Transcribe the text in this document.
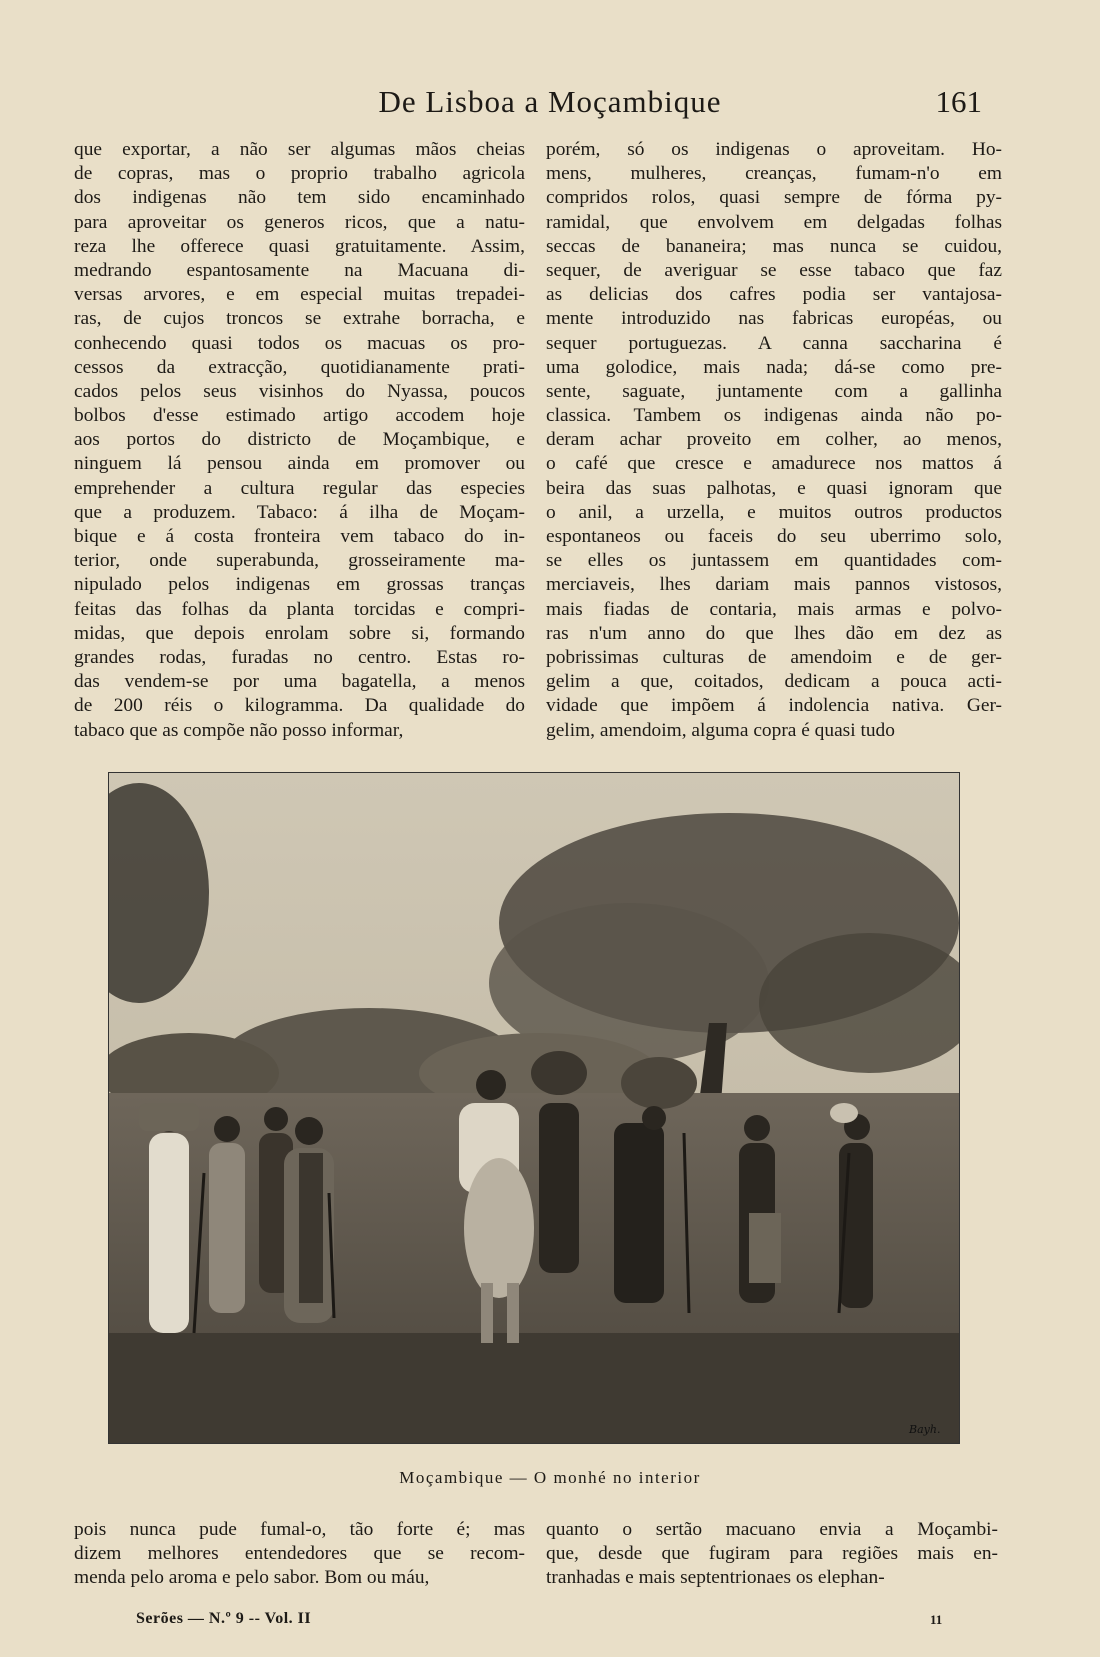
De Lisboa a Moçambique	161
que exportar, a não ser algumas mãos cheias
de copras, mas o proprio trabalho agricola
dos indigenas não tem sido encaminhado
para aproveitar os generos ricos, que a natu-
reza lhe offerece quasi gratuitamente. Assim,
medrando espantosamente na Macuana di-
versas arvores, e em especial muitas trepadei-
ras, de cujos troncos se extrahe borracha, e
conhecendo quasi todos os macuas os pro-
cessos da extracção, quotidianamente prati-
cados pelos seus visinhos do Nyassa, poucos
bolbos d'esse estimado artigo accodem hoje
aos portos do districto de Moçambique, e
ninguem lá pensou ainda em promover ou
emprehender a cultura regular das especies
que a produzem. Tabaco: á ilha de Moçam-
bique e á costa fronteira vem tabaco do in-
terior, onde superabunda, grosseiramente ma-
nipulado pelos indigenas em grossas tranças
feitas das folhas da planta torcidas e compri-
midas, que depois enrolam sobre si, formando
grandes rodas, furadas no centro. Estas ro-
das vendem-se por uma bagatella, a menos
de 200 réis o kilogramma. Da qualidade do
tabaco que as compõe não posso informar,
porém, só os indigenas o aproveitam. Ho-
mens, mulheres, creanças, fumam-n'o em
compridos rolos, quasi sempre de fórma py-
ramidal, que envolvem em delgadas folhas
seccas de bananeira; mas nunca se cuidou,
sequer, de averiguar se esse tabaco que faz
as delicias dos cafres podia ser vantajosa-
mente introduzido nas fabricas européas, ou
sequer portuguezas. A canna saccharina é
uma golodice, mais nada; dá-se como pre-
sente, saguate, juntamente com a gallinha
classica. Tambem os indigenas ainda não po-
deram achar proveito em colher, ao menos,
o café que cresce e amadurece nos mattos á
beira das suas palhotas, e quasi ignoram que
o anil, a urzella, e muitos outros productos
espontaneos ou faceis do seu uberrimo solo,
se elles os juntassem em quantidades com-
merciaveis, lhes dariam mais pannos vistosos,
mais fiadas de contaria, mais armas e polvo-
ras n'um anno do que lhes dão em dez as
pobrissimas culturas de amendoim e de ger-
gelim a que, coitados, dedicam a pouca acti-
vidade que impõem á indolencia nativa. Ger-
gelim, amendoim, alguma copra é quasi tudo
Bayh.
Moçambique — O monhé no interior
pois nunca pude fumal-o, tão forte é; mas
dizem melhores entendedores que se recom-
menda pelo aroma e pelo sabor. Bom ou máu,
quanto o sertão macuano envia a Moçambi-
que, desde que fugiram para regiões mais en-
tranhadas e mais septentrionaes os elephan-
Serões — N.º 9 -- Vol. II	11
